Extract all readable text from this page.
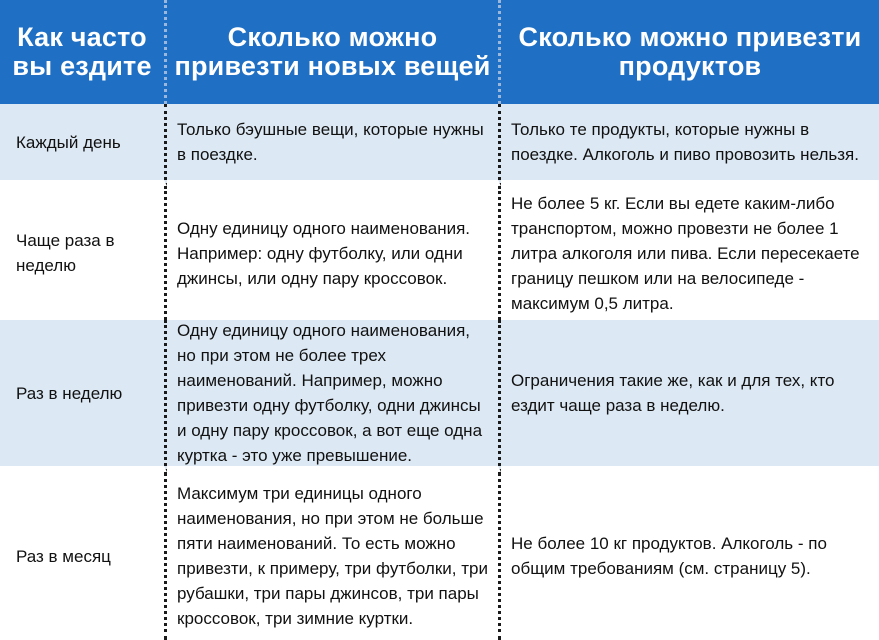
Как часто вы ездите
Сколько можно привезти новых вещей
Сколько можно привезти продуктов

Каждый день

Только бэушные вещи, которые нужны в поездке.

Только те продукты, которые нужны в поездке. Алкоголь и пиво провозить нельзя.

Чаще раза в неделю

Одну единицу одного наименования. Например: одну футболку, или одни джинсы, или одну пару кроссовок.

Не более 5 кг. Если вы едете каким-либо транспортом, можно провезти не более 1 литра алкоголя или пива. Если пересекаете границу пешком или на велосипеде - максимум 0,5 литра.

Раз в неделю

Одну единицу одного наименования, но при этом не более трех наименований. Например, можно привезти одну футболку, одни джинсы и одну пару кроссовок, а вот еще одна куртка - это уже превышение.

Ограничения такие же, как и для тех, кто ездит чаще раза в неделю.

Раз в месяц

Максимум три единицы одного наименования, но при этом не больше пяти наименований. То есть можно привезти, к примеру, три футболки, три рубашки, три пары джинсов, три пары кроссовок, три зимние куртки.

Не более 10 кг продуктов. Алкоголь - по общим требованиям (см. страницу 5).
